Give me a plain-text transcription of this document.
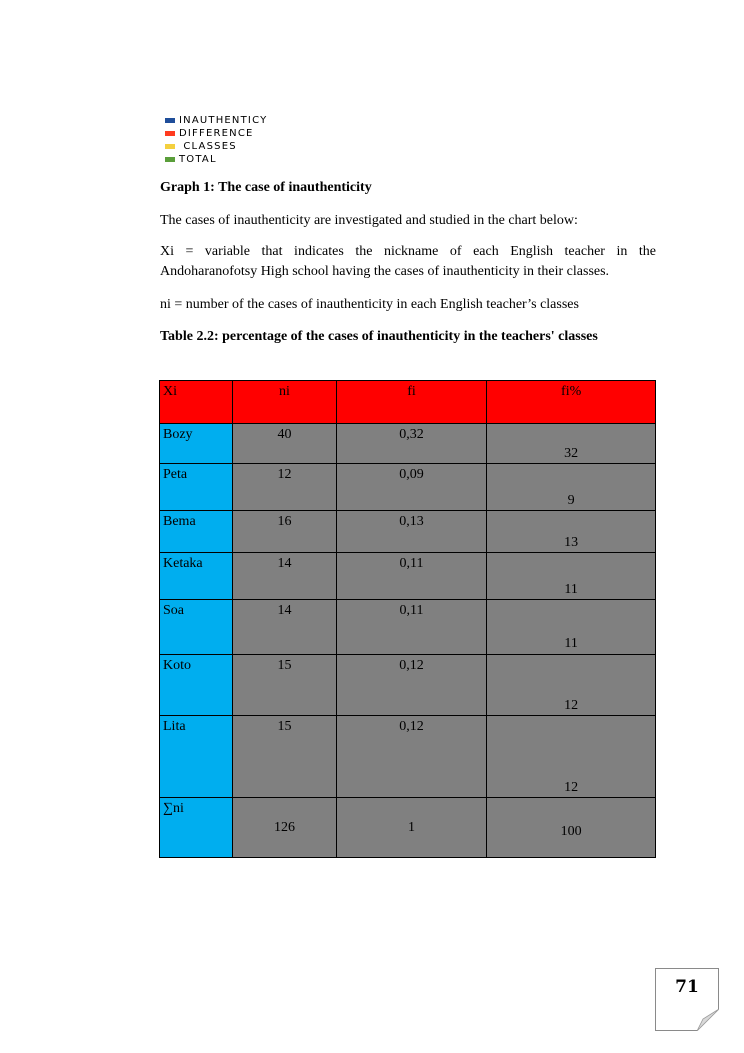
INAUTHENTICY
DIFFERENCE
CLASSES
TOTAL

Graph 1: The case of inauthenticity

The cases of inauthenticity are investigated and studied in the chart below:

Xi = variable that indicates the nickname of each English teacher in the Andoharanofotsy High school having the cases of inauthenticity in their classes.

ni = number of the cases of inauthenticity in each English teacher’s classes

Table 2.2: percentage of the cases of inauthenticity in the teachers' classes

Xi	ni	fi	fi%

Bozy	40	0,32	32

Peta	12	0,09	9

Bema	16	0,13	13

Ketaka	14	0,11	11

Soa	14	0,11	11

Koto	15	0,12	12

Lita	15	0,12	12

∑ni	126	1	100
71
